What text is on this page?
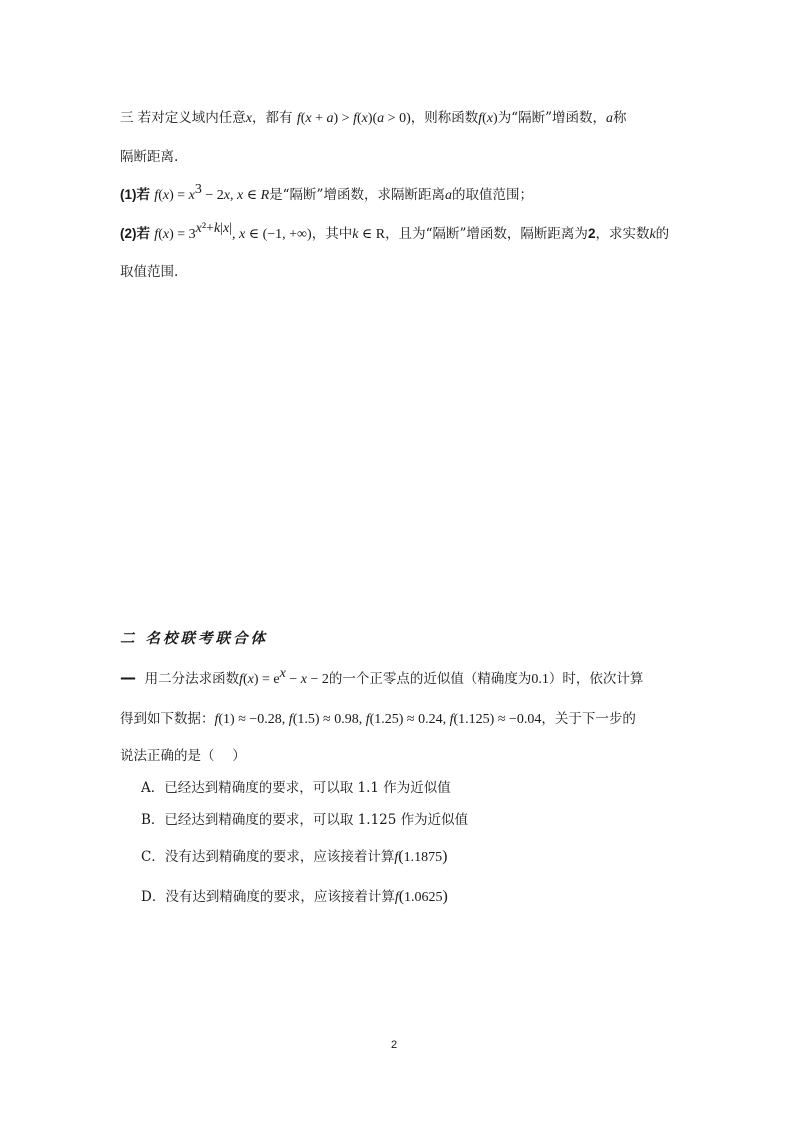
三 若对定义域内任意x，都有 f(x + a) > f(x)(a > 0)，则称函数f(x)为“隔断”增函数，a称
隔断距离.
(1)若 $f(x) = x^3 - 2x$, x ∈ R是“隔断”增函数，求隔断距离a的取值范围；
(2)若 $f(x) = 3^{x^2+k|x|}$, x ∈ (−1, +∞)，其中k ∈ R，且为“隔断”增函数，隔断距离为2，求实数k的
取值范围.
二 名校联考联合体
— 用二分法求函数$f(x) = e^x - x - 2$的一个正零点的近似值（精确度为0.1）时，依次计算
得到如下数据：f(1) ≈ −0.28, f(1.5) ≈ 0.98, f(1.25) ≈ 0.24, f(1.125) ≈ −0.04，关于下一步的
说法正确的是（　 ）
A．已经达到精确度的要求，可以取 1.1 作为近似值
B．已经达到精确度的要求，可以取 1.125 作为近似值
C．没有达到精确度的要求，应该接着计算f(1.1875)
D．没有达到精确度的要求，应该接着计算f(1.0625)
2
